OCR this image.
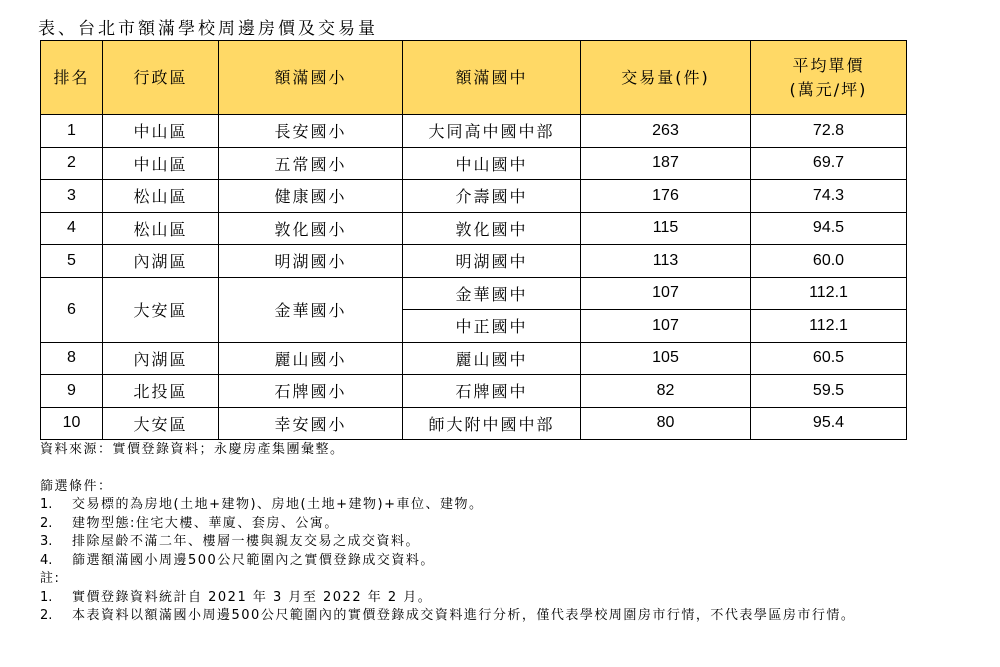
表、台北市額滿學校周邊房價及交易量
排名	行政區	額滿國小	額滿國中	交易量(件)	平均單價
(萬元/坪)

1	中山區	長安國小	大同高中國中部	263	72.8
2	中山區	五常國小	中山國中	187	69.7
3	松山區	健康國小	介壽國中	176	74.3
4	松山區	敦化國小	敦化國中	115	94.5
5	內湖區	明湖國小	明湖國中	113	60.0
6	大安區	金華國小	金華國中	107	112.1
			中正國中	107	112.1
8	內湖區	麗山國小	麗山國中	105	60.5
9	北投區	石牌國小	石牌國中	82	59.5
10	大安區	幸安國小	師大附中國中部	80	95.4

資料來源：實價登錄資料；永慶房產集團彙整。

篩選條件：

1.	交易標的為房地(土地+建物)、房地(土地+建物)+車位、建物。
2.	建物型態:住宅大樓、華廈、套房、公寓。
3.	排除屋齡不滿二年、樓層一樓與親友交易之成交資料。
4.	篩選額滿國小周邊500公尺範圍內之實價登錄成交資料。

註:

1.	實價登錄資料統計自 2021 年 3 月至 2022 年 2 月。
2.	本表資料以額滿國小周邊500公尺範圍內的實價登錄成交資料進行分析，僅代表學校周圍房市行情，不代表學區房市行情。
